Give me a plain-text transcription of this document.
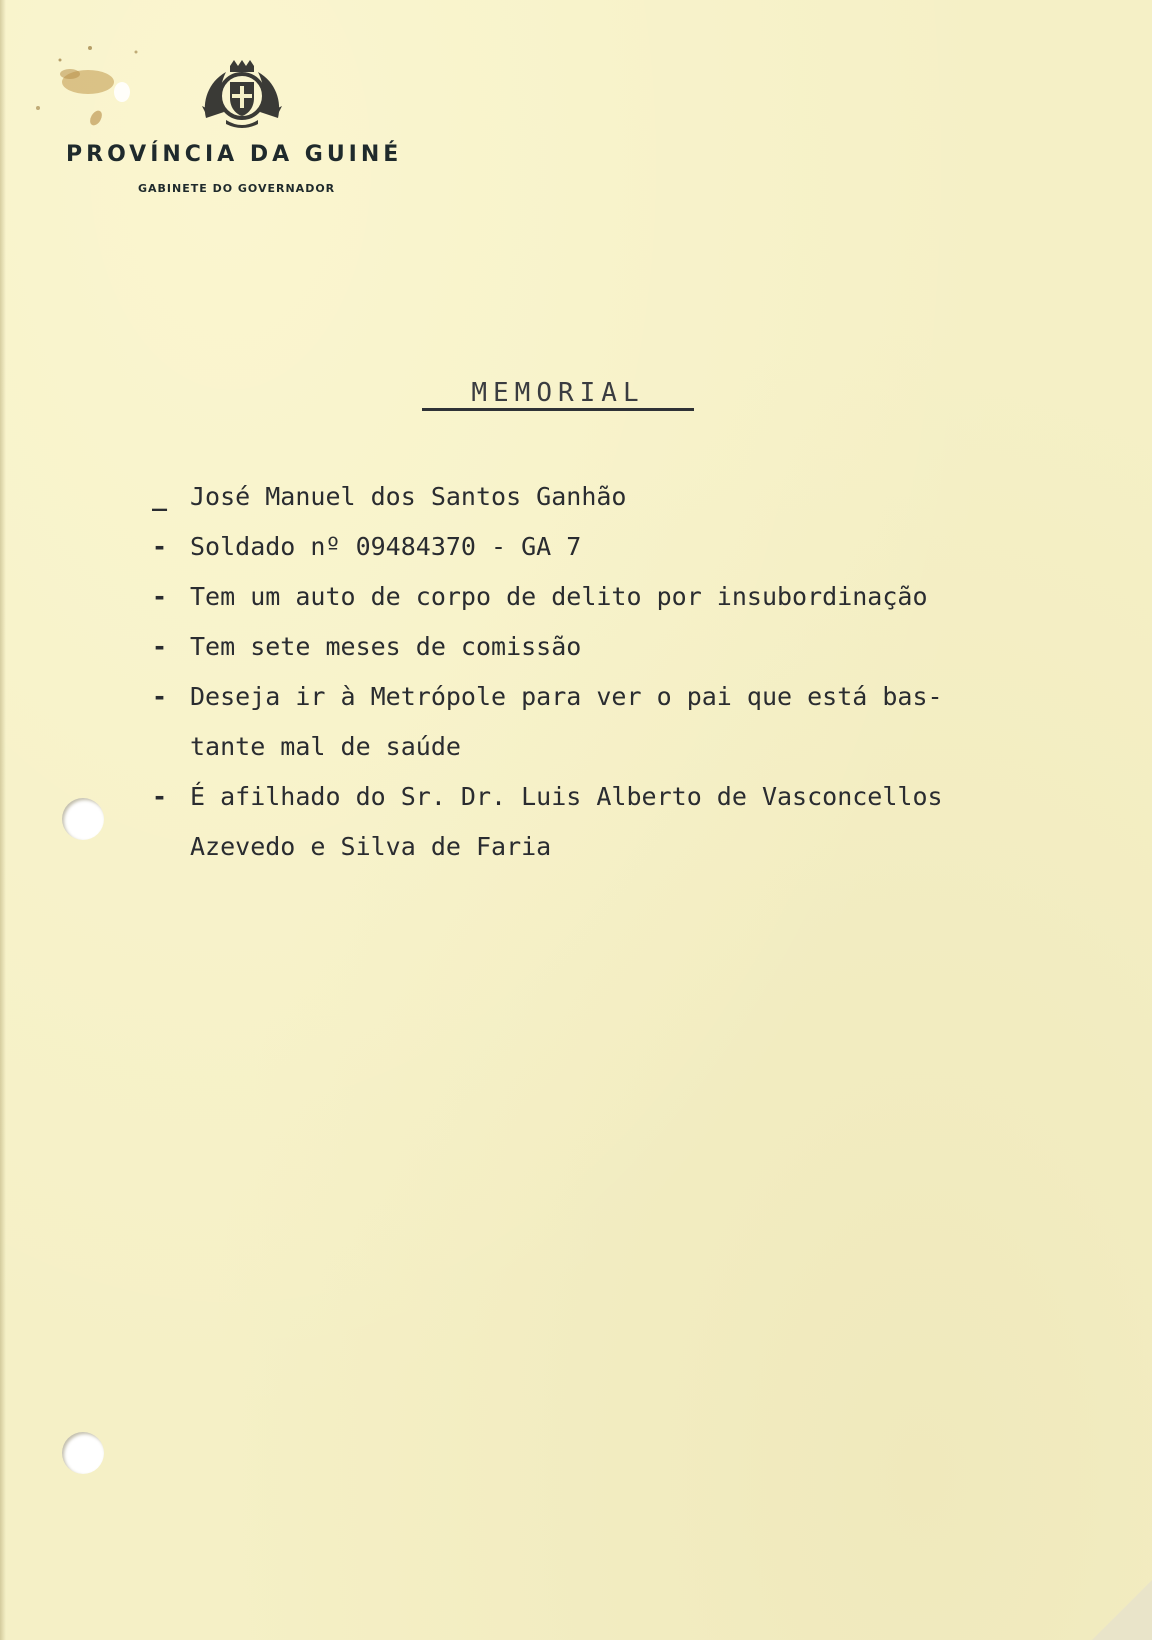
PROVÍNCIA DA GUINÉ
GABINETE DO GOVERNADOR
MEMORIAL
_ José Manuel dos Santos Ganhão
- Soldado nº 09484370 - GA 7
- Tem um auto de corpo de delito por insubordinação
- Tem sete meses de comissão
- Deseja ir à Metrópole para ver o pai que está bas-
tante mal de saúde
- É afilhado do Sr. Dr. Luis Alberto de Vasconcellos
Azevedo e Silva de Faria
